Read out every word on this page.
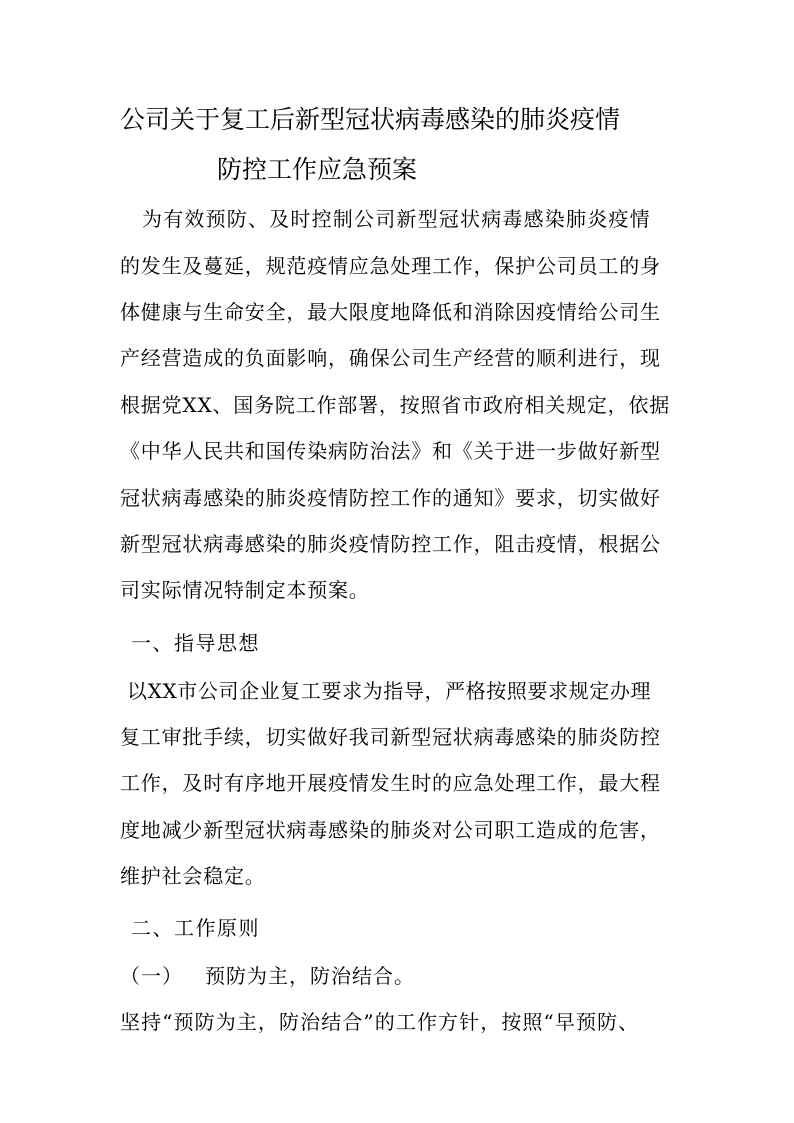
公司关于复工后新型冠状病毒感染的肺炎疫情
防控工作应急预案
为有效预防、及时控制公司新型冠状病毒感染肺炎疫情
的发生及蔓延，规范疫情应急处理工作，保护公司员工的身
体健康与生命安全，最大限度地降低和消除因疫情给公司生
产经营造成的负面影响，确保公司生产经营的顺利进行，现
根据党XX、国务院工作部署，按照省市政府相关规定，依据
《中华人民共和国传染病防治法》和《关于进一步做好新型
冠状病毒感染的肺炎疫情防控工作的通知》要求，切实做好
新型冠状病毒感染的肺炎疫情防控工作，阻击疫情，根据公
司实际情况特制定本预案。
一、指导思想
以XX市公司企业复工要求为指导，严格按照要求规定办理
复工审批手续，切实做好我司新型冠状病毒感染的肺炎防控
工作，及时有序地开展疫情发生时的应急处理工作，最大程
度地减少新型冠状病毒感染的肺炎对公司职工造成的危害，
维护社会稳定。
二、工作原则
（一） 预防为主，防治结合。
坚持“预防为主，防治结合”的工作方针，按照“早预防、
